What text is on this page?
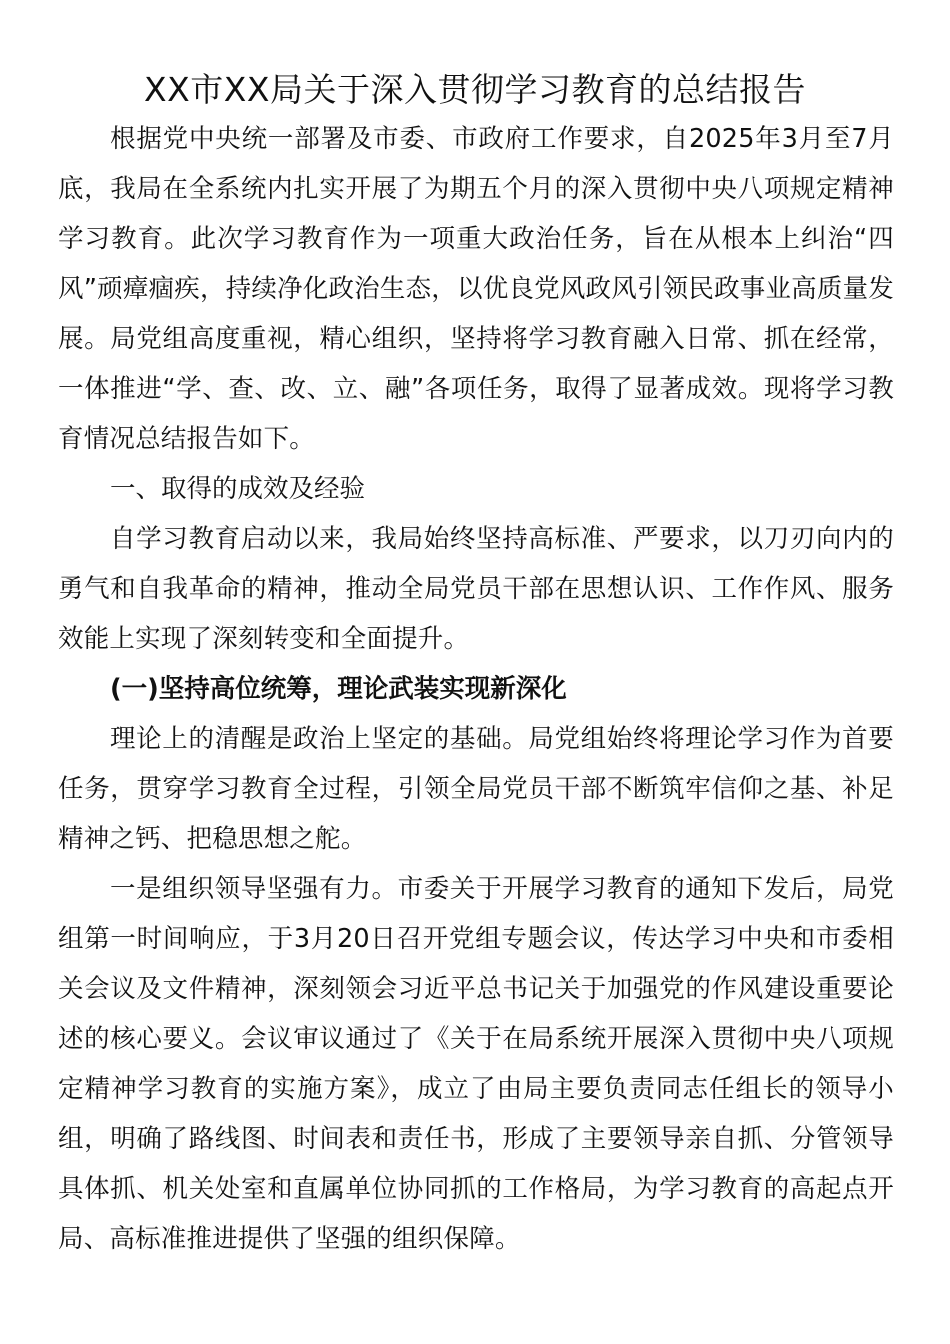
XX市XX局关于深入贯彻学习教育的总结报告

根据党中央统一部署及市委、市政府工作要求，自2025年3月至7月底，我局在全系统内扎实开展了为期五个月的深入贯彻中央八项规定精神学习教育。此次学习教育作为一项重大政治任务，旨在从根本上纠治“四风”顽瘴痼疾，持续净化政治生态，以优良党风政风引领民政事业高质量发展。局党组高度重视，精心组织，坚持将学习教育融入日常、抓在经常，一体推进“学、查、改、立、融”各项任务，取得了显著成效。现将学习教育情况总结报告如下。

一、取得的成效及经验

自学习教育启动以来，我局始终坚持高标准、严要求，以刀刃向内的勇气和自我革命的精神，推动全局党员干部在思想认识、工作作风、服务效能上实现了深刻转变和全面提升。

(一)坚持高位统筹，理论武装实现新深化

理论上的清醒是政治上坚定的基础。局党组始终将理论学习作为首要任务，贯穿学习教育全过程，引领全局党员干部不断筑牢信仰之基、补足精神之钙、把稳思想之舵。

一是组织领导坚强有力。市委关于开展学习教育的通知下发后，局党组第一时间响应，于3月20日召开党组专题会议，传达学习中央和市委相关会议及文件精神，深刻领会习近平总书记关于加强党的作风建设重要论述的核心要义。会议审议通过了《关于在局系统开展深入贯彻中央八项规定精神学习教育的实施方案》，成立了由局主要负责同志任组长的领导小组，明确了路线图、时间表和责任书，形成了主要领导亲自抓、分管领导具体抓、机关处室和直属单位协同抓的工作格局，为学习教育的高起点开局、高标准推进提供了坚强的组织保障。
